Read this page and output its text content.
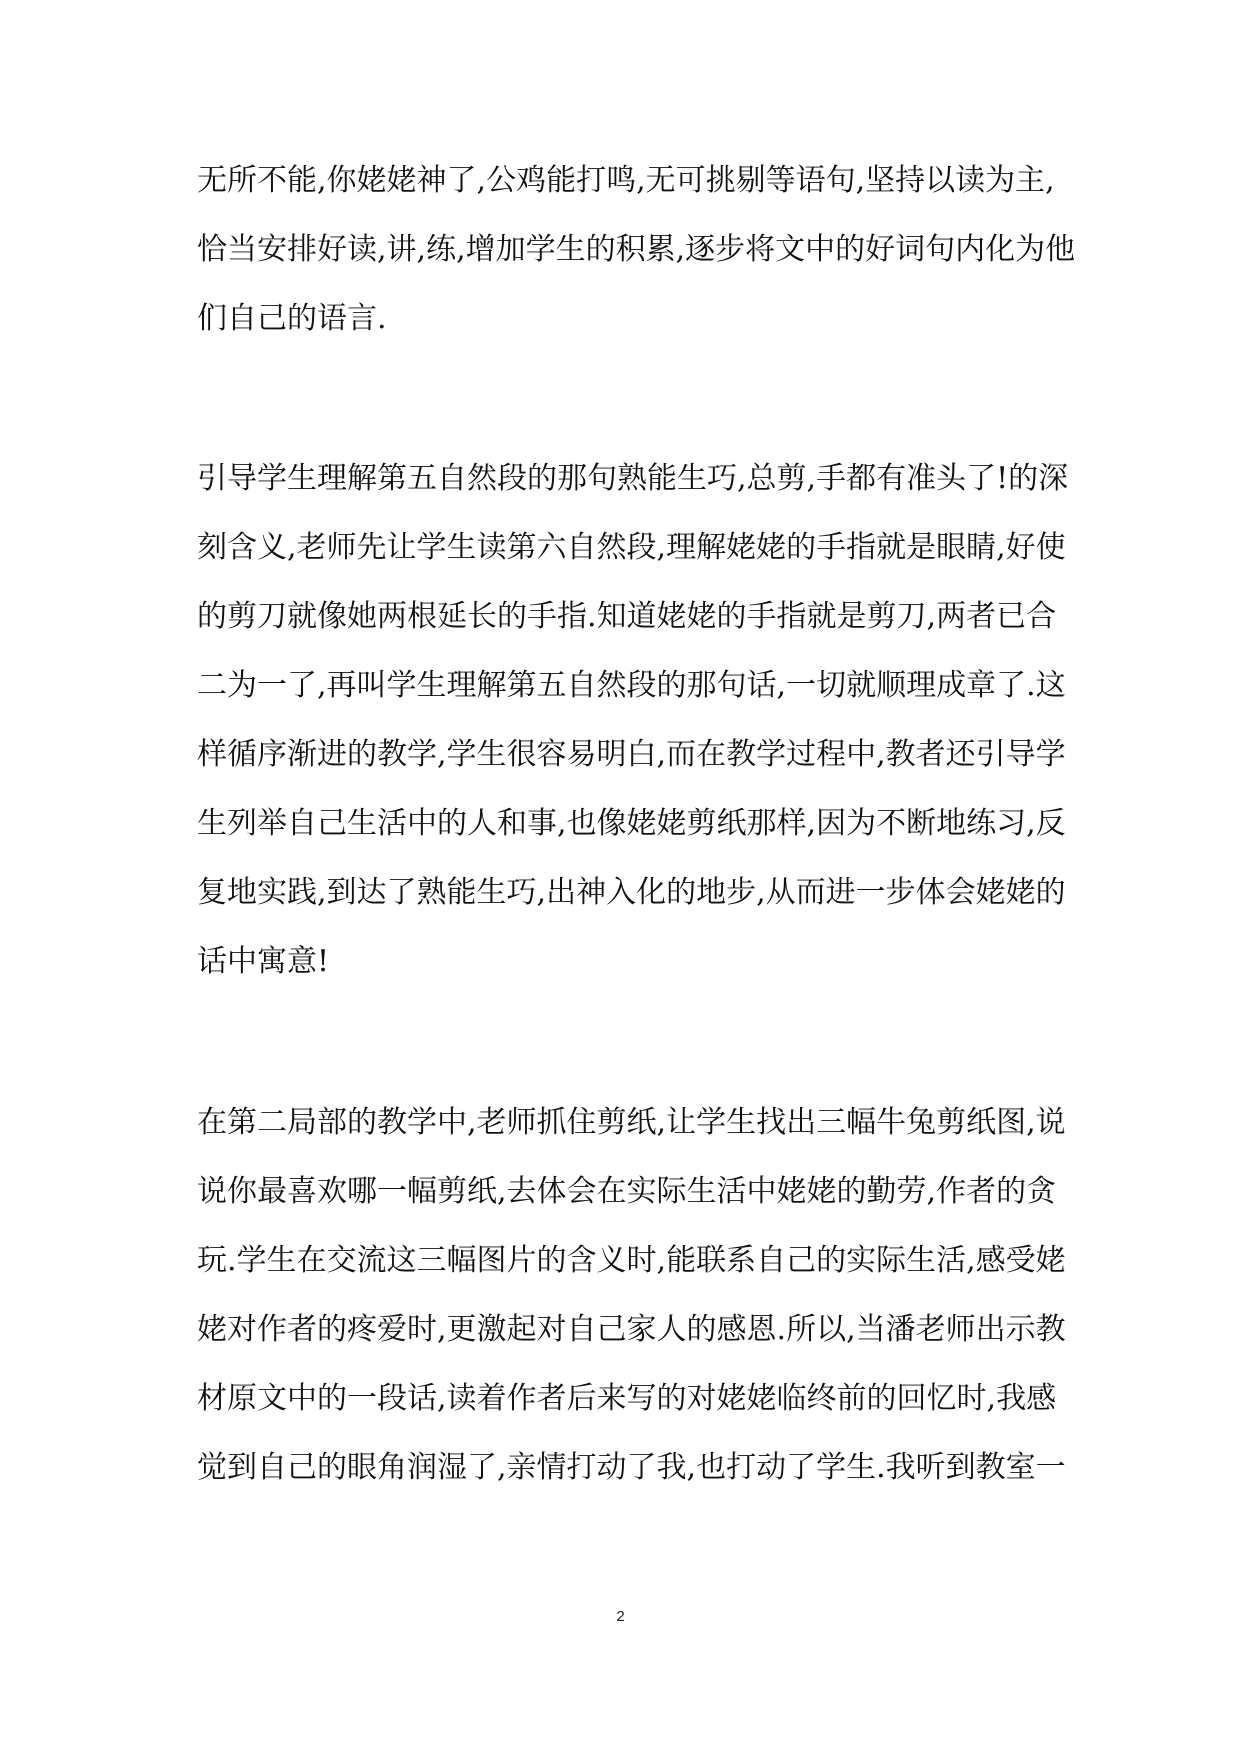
无所不能,你姥姥神了,公鸡能打鸣,无可挑剔等语句,坚持以读为主,
恰当安排好读,讲,练,增加学生的积累,逐步将文中的好词句内化为他
们自己的语言.
引导学生理解第五自然段的那句熟能生巧,总剪,手都有准头了!的深
刻含义,老师先让学生读第六自然段,理解姥姥的手指就是眼睛,好使
的剪刀就像她两根延长的手指.知道姥姥的手指就是剪刀,两者已合
二为一了,再叫学生理解第五自然段的那句话,一切就顺理成章了.这
样循序渐进的教学,学生很容易明白,而在教学过程中,教者还引导学
生列举自己生活中的人和事,也像姥姥剪纸那样,因为不断地练习,反
复地实践,到达了熟能生巧,出神入化的地步,从而进一步体会姥姥的
话中寓意!
在第二局部的教学中,老师抓住剪纸,让学生找出三幅牛兔剪纸图,说
说你最喜欢哪一幅剪纸,去体会在实际生活中姥姥的勤劳,作者的贪
玩.学生在交流这三幅图片的含义时,能联系自己的实际生活,感受姥
姥对作者的疼爱时,更激起对自己家人的感恩.所以,当潘老师出示教
材原文中的一段话,读着作者后来写的对姥姥临终前的回忆时,我感
觉到自己的眼角润湿了,亲情打动了我,也打动了学生.我听到教室一
2
